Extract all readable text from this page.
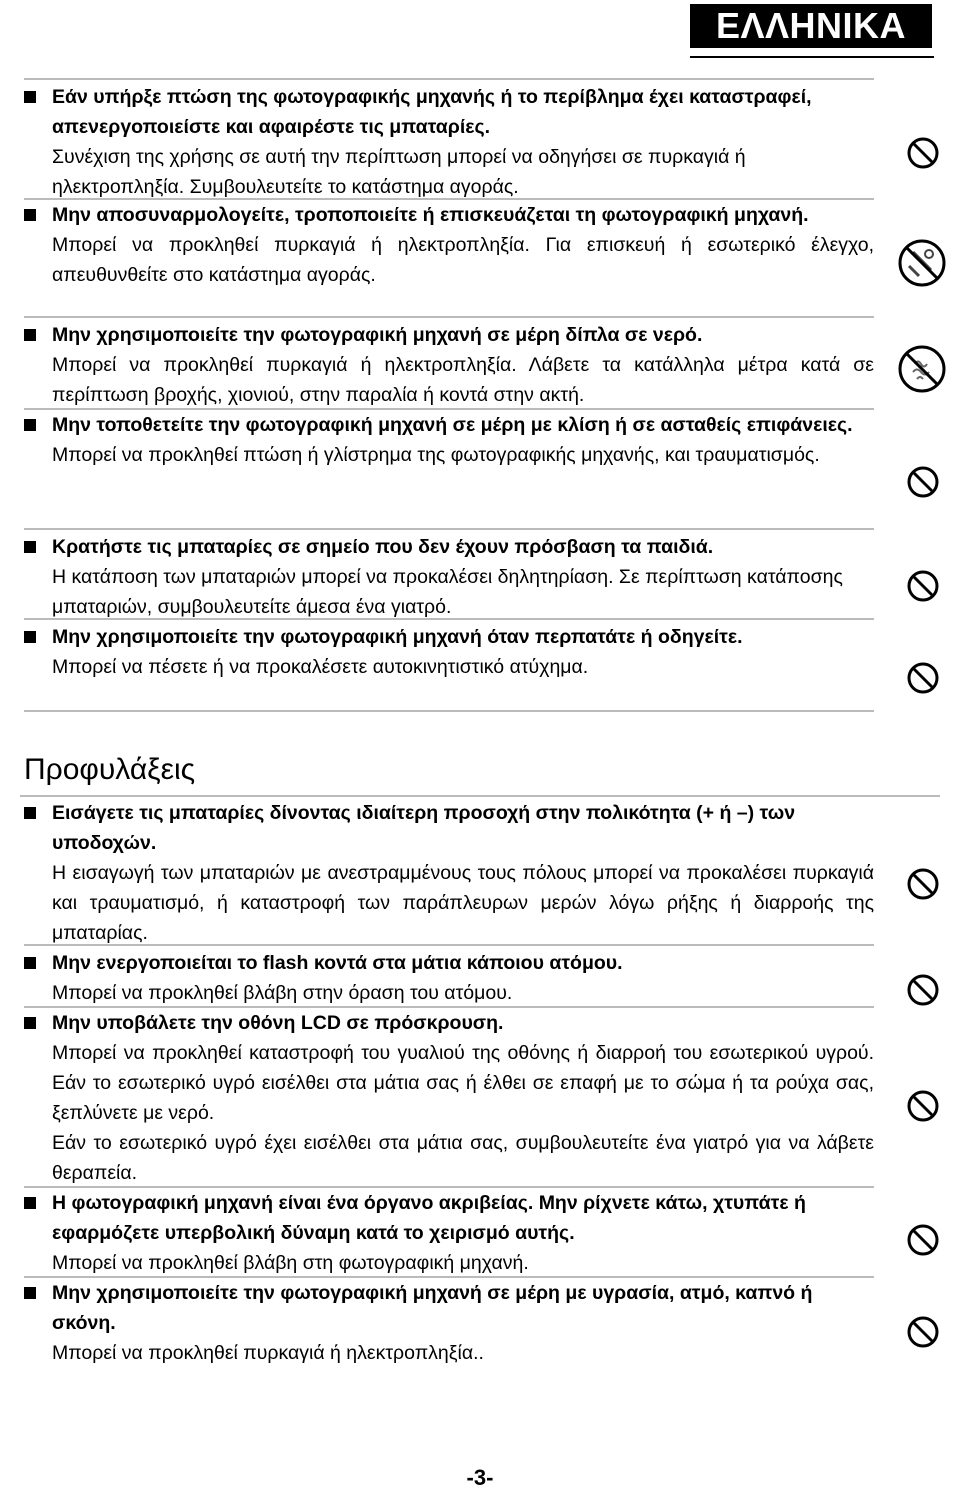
ΕΛΛΗΝΙΚΑ
Εάν υπήρξε πτώση της φωτογραφικής μηχανής ή το περίβλημα έχει καταστραφεί, απενεργοποιείστε και αφαιρέστε τις μπαταρίες.
Συνέχιση της χρήσης σε αυτή την περίπτωση μπορεί να οδηγήσει σε πυρκαγιά ή ηλεκτροπληξία. Συμβουλευτείτε το κατάστημα αγοράς.
Μην αποσυναρμολογείτε, τροποποιείτε ή επισκευάζεται τη φωτογραφική μηχανή.
Μπορεί να προκληθεί πυρκαγιά ή ηλεκτροπληξία. Για επισκευή ή εσωτερικό έλεγχο, απευθυνθείτε στο κατάστημα αγοράς.
Μην χρησιμοποιείτε την φωτογραφική μηχανή σε μέρη δίπλα σε νερό.
Μπορεί να προκληθεί πυρκαγιά ή ηλεκτροπληξία. Λάβετε τα κατάλληλα μέτρα κατά σε περίπτωση βροχής, χιονιού, στην παραλία ή κοντά στην ακτή.
Μην τοποθετείτε την φωτογραφική μηχανή σε μέρη με κλίση ή σε ασταθείς επιφάνειες.
Μπορεί να προκληθεί πτώση ή γλίστρημα της φωτογραφικής μηχανής, και τραυματισμός.
Κρατήστε τις μπαταρίες σε σημείο που δεν έχουν πρόσβαση τα παιδιά.
Η κατάποση των μπαταριών μπορεί να προκαλέσει δηλητηρίαση. Σε περίπτωση κατάποσης μπαταριών, συμβουλευτείτε άμεσα ένα γιατρό.
Μην χρησιμοποιείτε την φωτογραφική μηχανή όταν περπατάτε ή οδηγείτε.
Μπορεί να πέσετε ή να προκαλέσετε αυτοκινητιστικό ατύχημα.
Προφυλάξεις
Εισάγετε τις μπαταρίες δίνοντας ιδιαίτερη προσοχή στην πολικότητα (+ ή –) των υποδοχών.
Η εισαγωγή των μπαταριών με ανεστραμμένους τους πόλους μπορεί να προκαλέσει πυρκαγιά και τραυματισμό, ή καταστροφή των παράπλευρων μερών λόγω ρήξης ή διαρροής της μπαταρίας.
Μην ενεργοποιείται το flash κοντά στα μάτια κάποιου ατόμου.
Μπορεί να προκληθεί βλάβη στην όραση του ατόμου.
Μην υποβάλετε την οθόνη LCD σε πρόσκρουση.
Μπορεί να προκληθεί καταστροφή του γυαλιού της οθόνης ή διαρροή του εσωτερικού υγρού. Εάν το εσωτερικό υγρό εισέλθει στα μάτια σας ή έλθει σε επαφή με το σώμα ή τα ρούχα σας, ξεπλύνετε με νερό.
Εάν το εσωτερικό υγρό έχει εισέλθει στα μάτια σας, συμβουλευτείτε ένα γιατρό για να λάβετε θεραπεία.
Η φωτογραφική μηχανή είναι ένα όργανο ακριβείας. Μην ρίχνετε κάτω, χτυπάτε ή εφαρμόζετε υπερβολική δύναμη κατά το χειρισμό αυτής.
Μπορεί να προκληθεί βλάβη στη φωτογραφική μηχανή.
Μην χρησιμοποιείτε την φωτογραφική μηχανή σε μέρη με υγρασία, ατμό, καπνό ή σκόνη.
Μπορεί να προκληθεί πυρκαγιά ή ηλεκτροπληξία..
-3-
